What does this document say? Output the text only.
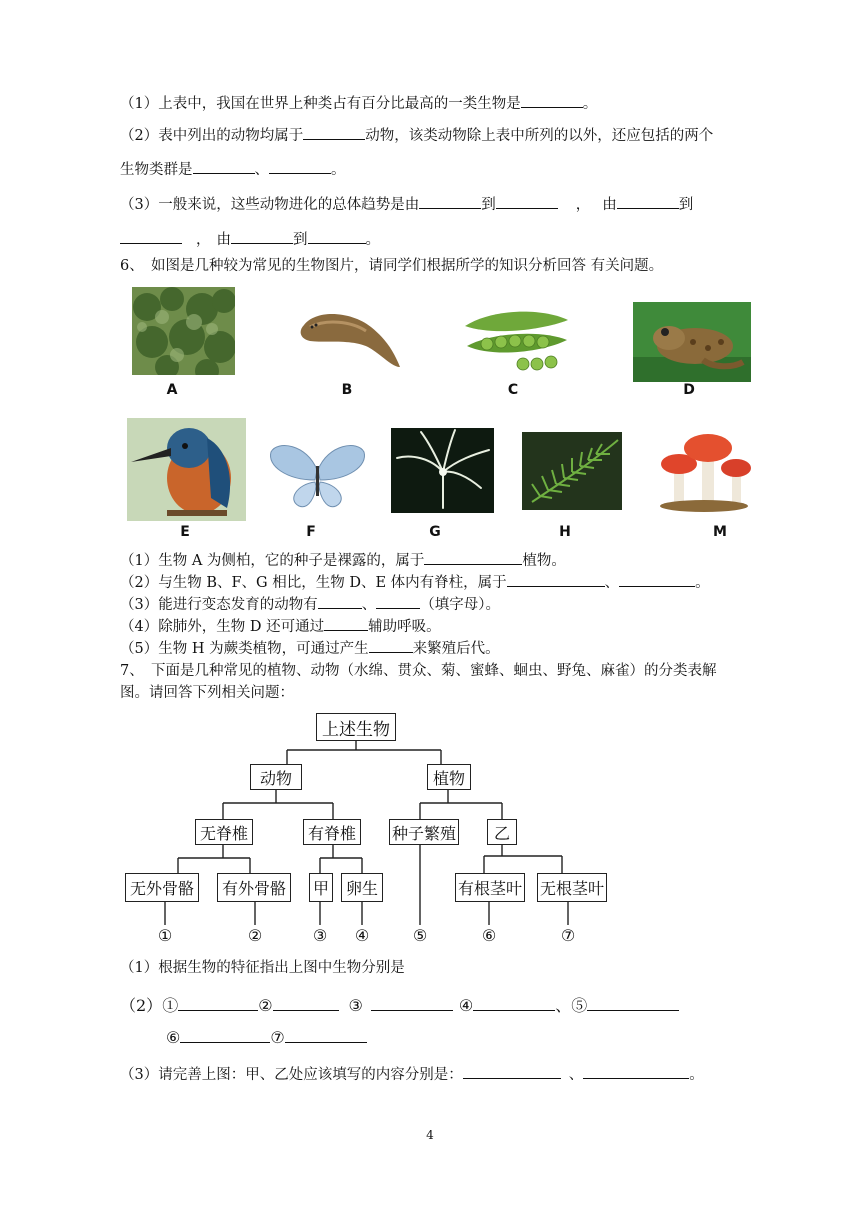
（1）上表中，我国在世界上种类占有百分比最高的一类生物是	。
（2）表中列出的动物均属于	动物，该类动物除上表中所列的以外，还应包括的两个
生物类群是	、	。
（3）一般来说，这些动物进化的总体趋势是由	到	， 由	到
， 由	到	。
6、　如图是几种较为常见的生物图片，请同学们根据所学的知识分析回答 有关问题。
A	B	C	D
E	F	G	H	M
（1）生物 A 为侧柏，它的种子是裸露的，属于	植物。
（2）与生物 B、F、G 相比，生物 D、E 体内有脊柱，属于	、	。
（3）能进行变态发育的动物有	、	（填字母）。
（4）除肺外，生物 D 还可通过	辅助呼吸。
（5）生物 H 为蕨类植物，可通过产生	来繁殖后代。
7、　下面是几种常见的植物、动物（水绵、贯众、菊、蜜蜂、蛔虫、野兔、麻雀）的分类表解
图。请回答下列相关问题：
上述生物
动物	植物
无脊椎	有脊椎	种子繁殖	乙
无外骨骼	有外骨骼	甲	卵生	有根茎叶 无根茎叶
①	②	③	④	⑤	⑥	⑦
（1）根据生物的特征指出上图中生物分别是
（2）①	②	③	④	、⑤
⑥	⑦
（3）请完善上图：甲、乙处应该填写的内容分别是：	、	。
4
